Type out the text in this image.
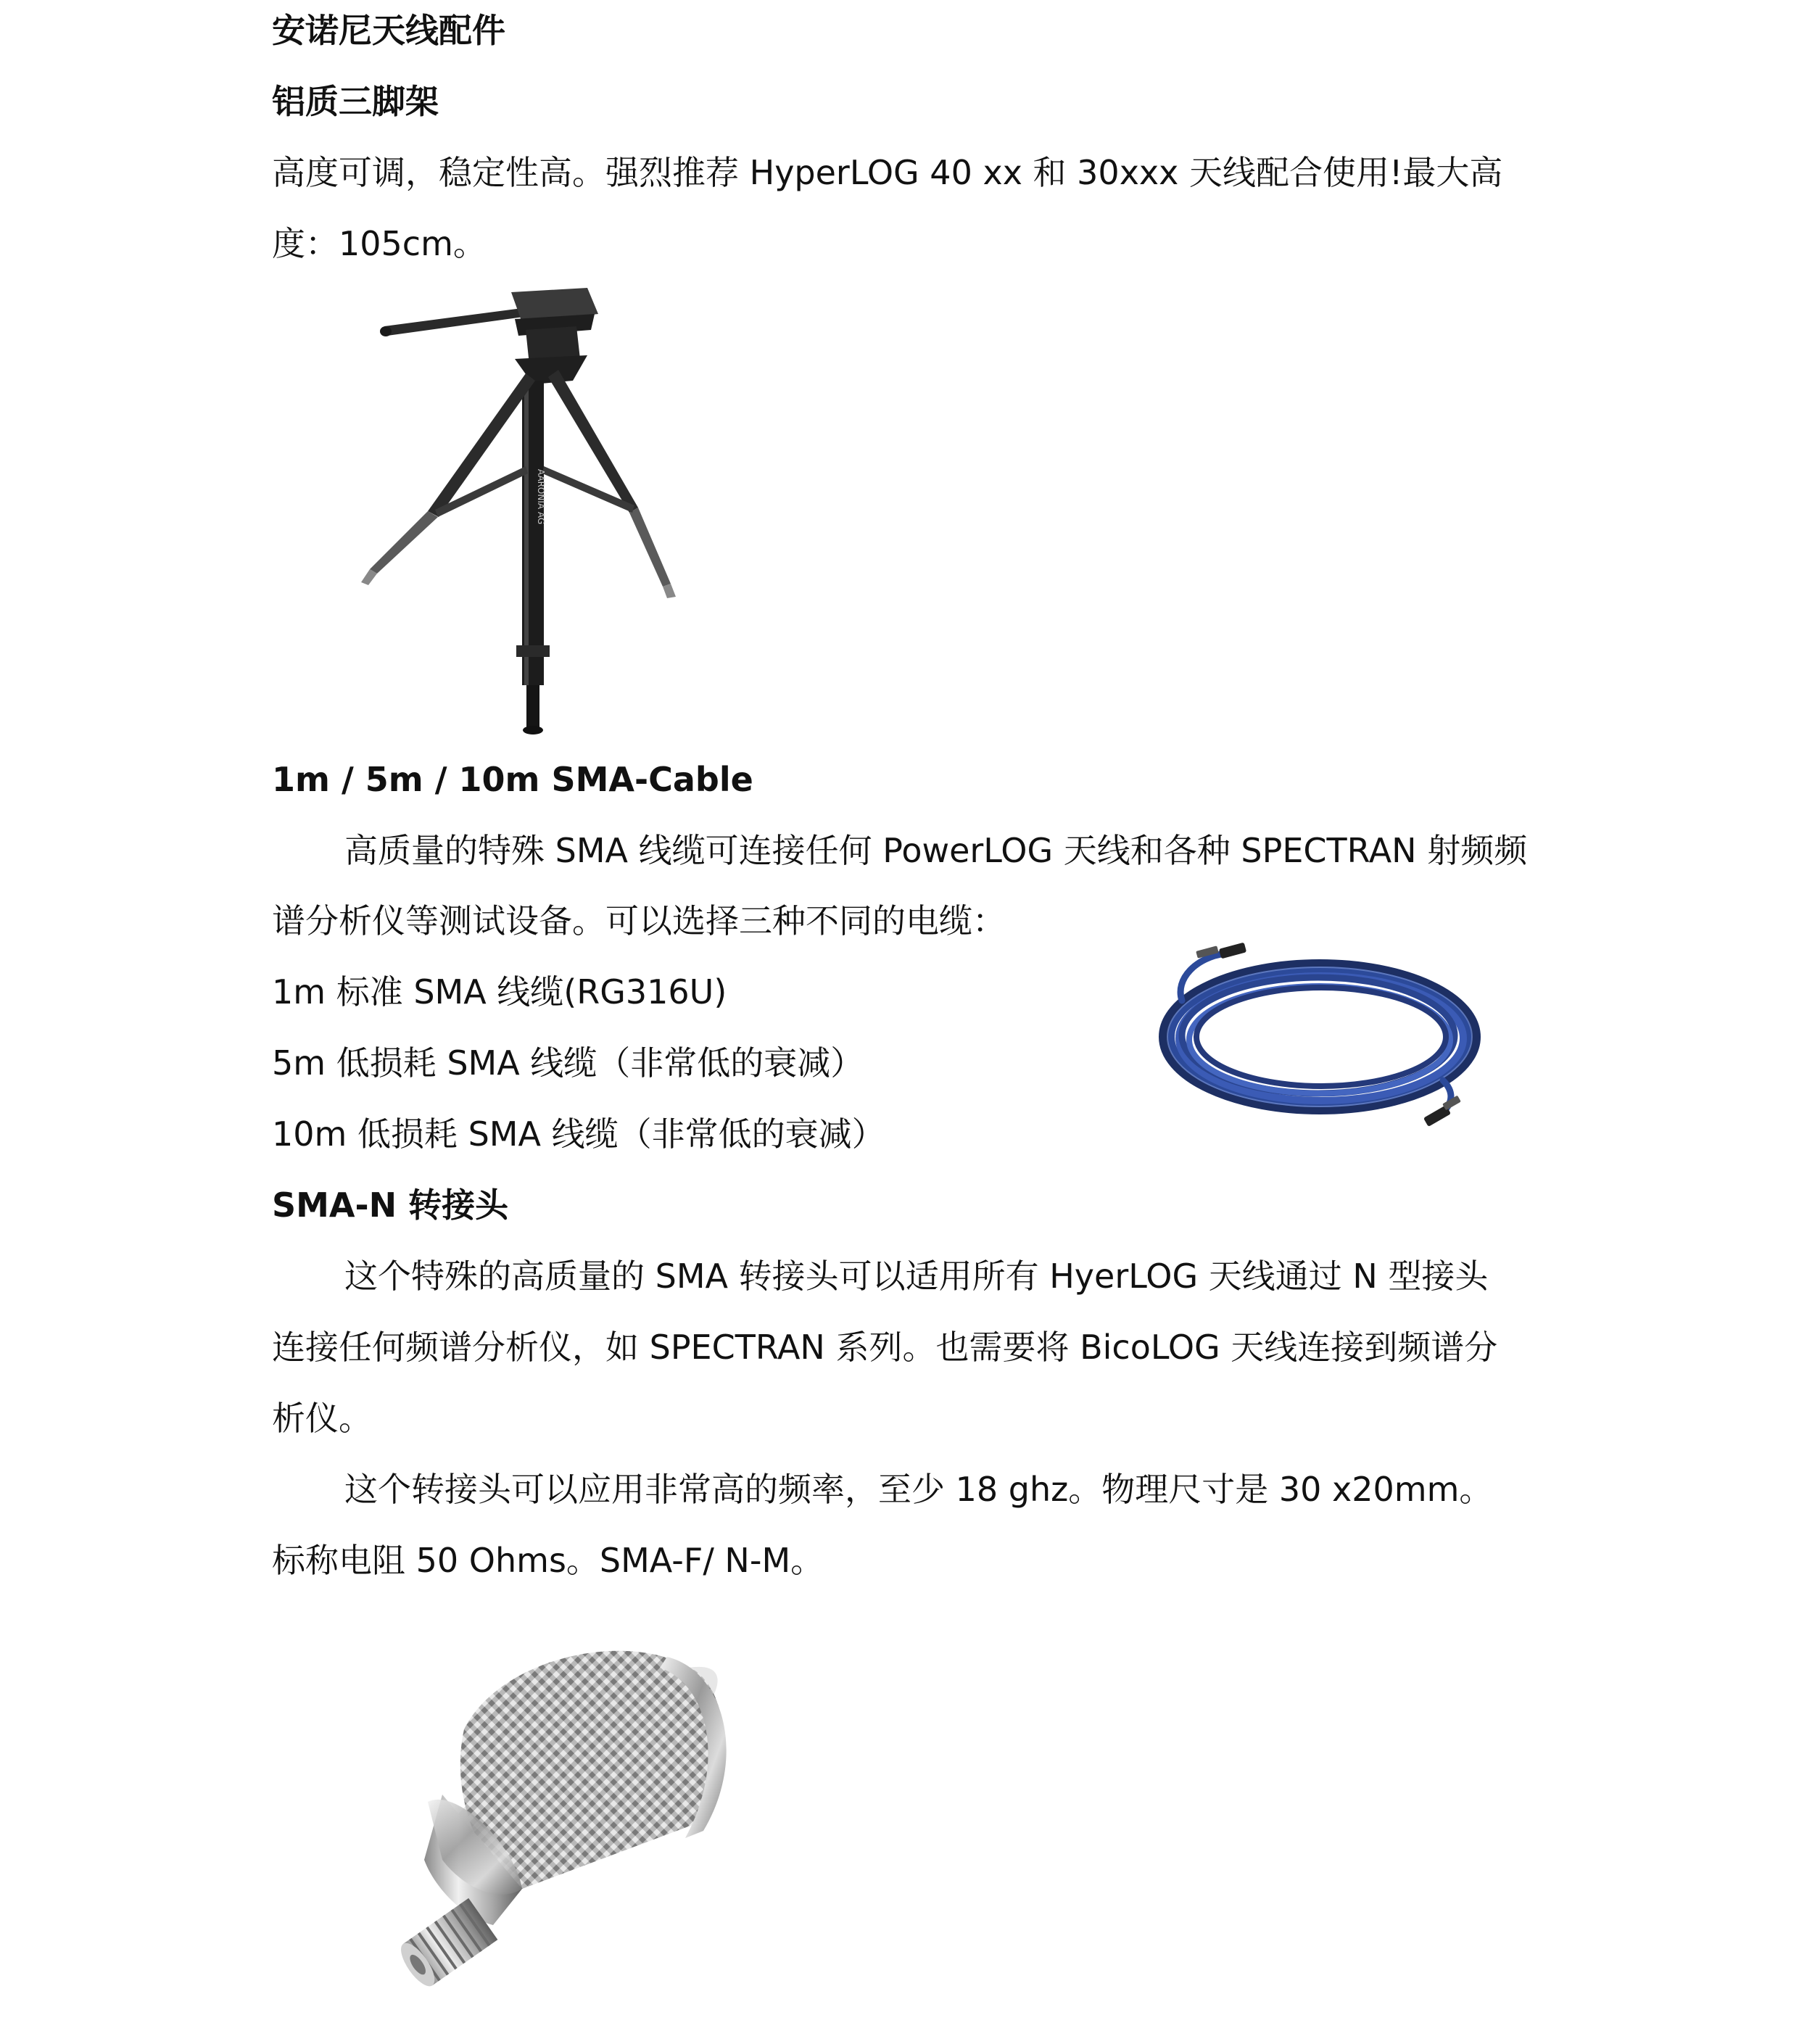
安诺尼天线配件
铝质三脚架
高度可调，稳定性高。强烈推荐 HyperLOG 40 xx 和 30xxx 天线配合使用!最大高
度：105cm。
AARONIA AG
1m / 5m / 10m SMA-Cable
高质量的特殊 SMA 线缆可连接任何 PowerLOG 天线和各种 SPECTRAN 射频频
谱分析仪等测试设备。可以选择三种不同的电缆：
1m 标准 SMA 线缆(RG316U)
5m 低损耗 SMA 线缆（非常低的衰减）
10m 低损耗 SMA 线缆（非常低的衰减）
SMA-N 转接头
这个特殊的高质量的 SMA 转接头可以适用所有 HyerLOG 天线通过 N 型接头
连接任何频谱分析仪，如 SPECTRAN 系列。也需要将 BicoLOG 天线连接到频谱分
析仪。
这个转接头可以应用非常高的频率，至少 18 ghz。物理尺寸是 30 x20mm。
标称电阻 50 Ohms。SMA-F/ N-M。
